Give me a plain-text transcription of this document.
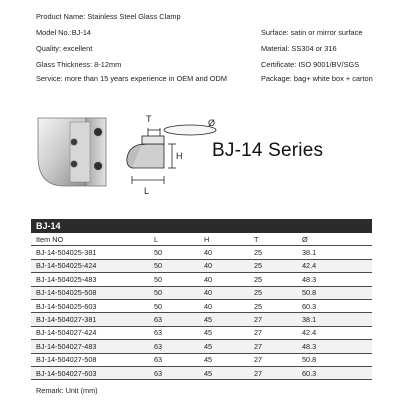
Product Name: Stainless Steel Glass Clamp
Model No.:BJ-14
Quality: excellent
Glass Thickness: 8-12mm
Service: more than 15 years experience in OEM and ODM
Surface: satin or mirror surface
Material: SS304 or 316
Certificate: ISO 9001/BV/SGS
Package: bag+ white box + carton
T	Ø
H
L
BJ-14 Series
BJ-14
Item NO	L	H	T	Ø
BJ-14-504025-381	50	40	25	38.1
BJ-14-504025-424	50	40	25	42.4
BJ-14-504025-483	50	40	25	48.3
BJ-14-504025-508	50	40	25	50.8
BJ-14-504025-603	50	40	25	60.3
BJ-14-504027-381	63	45	27	38.1
BJ-14-504027-424	63	45	27	42.4
BJ-14-504027-483	63	45	27	48.3
BJ-14-504027-508	63	45	27	50.8
BJ-14-504027-603	63	45	27	60.3
Remark: Unit (mm)
